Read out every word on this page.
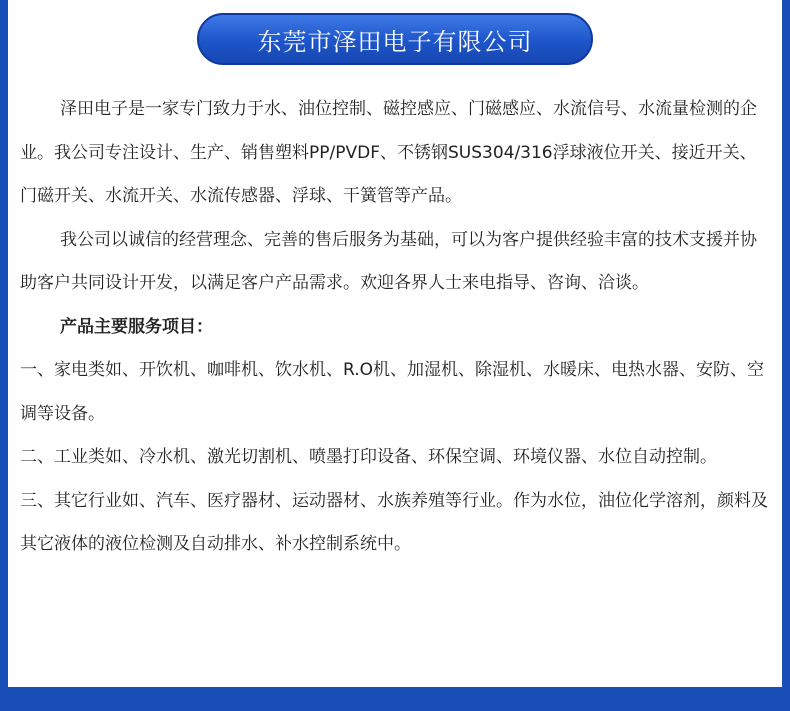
东莞市泽田电子有限公司

泽田电子是一家专门致力于水、油位控制、磁控感应、门磁感应、水流信号、水流量检测的企业。我公司专注设计、生产、销售塑料PP/PVDF、不锈钢SUS304/316浮球液位开关、接近开关、门磁开关、水流开关、水流传感器、浮球、干簧管等产品。

我公司以诚信的经营理念、完善的售后服务为基础，可以为客户提供经验丰富的技术支援并协助客户共同设计开发，以满足客户产品需求。欢迎各界人士来电指导、咨询、洽谈。

产品主要服务项目：

一、家电类如、开饮机、咖啡机、饮水机、R.O机、加湿机、除湿机、水暖床、电热水器、安防、空调等设备。

二、工业类如、冷水机、激光切割机、喷墨打印设备、环保空调、环境仪器、水位自动控制。

三、其它行业如、汽车、医疗器材、运动器材、水族养殖等行业。作为水位，油位化学溶剂，颜料及其它液体的液位检测及自动排水、补水控制系统中。
